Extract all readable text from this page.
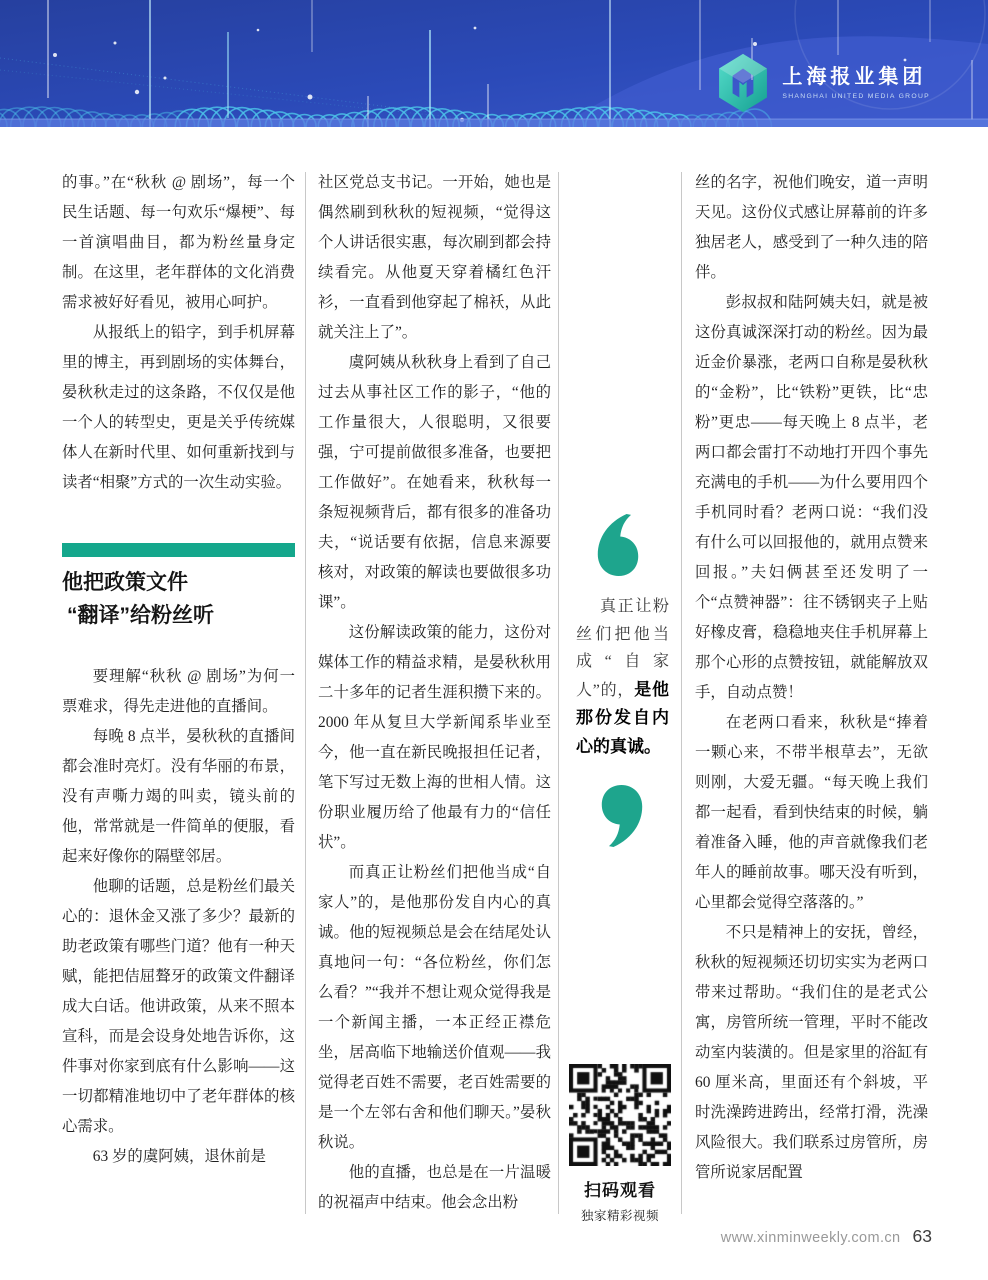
上海报业集团
SHANGHAI UNITED MEDIA GROUP

的事。”在“秋秋 @ 剧场”，每一个民生话题、每一句欢乐“爆梗”、每一首演唱曲目，都为粉丝量身定制。在这里，老年群体的文化消费需求被好好看见，被用心呵护。

从报纸上的铅字，到手机屏幕里的博主，再到剧场的实体舞台，晏秋秋走过的这条路，不仅仅是他一个人的转型史，更是关乎传统媒体人在新时代里、如何重新找到与读者“相聚”方式的一次生动实验。

他把政策文件
“翻译”给粉丝听

要理解“秋秋 @ 剧场”为何一票难求，得先走进他的直播间。

每晚 8 点半，晏秋秋的直播间都会准时亮灯。没有华丽的布景，没有声嘶力竭的叫卖，镜头前的他，常常就是一件简单的便服，看起来好像你的隔壁邻居。

他聊的话题，总是粉丝们最关心的：退休金又涨了多少？最新的助老政策有哪些门道？他有一种天赋，能把佶屈聱牙的政策文件翻译成大白话。他讲政策，从来不照本宣科，而是会设身处地告诉你，这件事对你家到底有什么影响——这一切都精准地切中了老年群体的核心需求。

63 岁的虞阿姨，退休前是

社区党总支书记。一开始，她也是偶然刷到秋秋的短视频，“觉得这个人讲话很实惠，每次刷到都会持续看完。从他夏天穿着橘红色汗衫，一直看到他穿起了棉袄，从此就关注上了”。

虞阿姨从秋秋身上看到了自己过去从事社区工作的影子，“他的工作量很大，人很聪明，又很要强，宁可提前做很多准备，也要把工作做好”。在她看来，秋秋每一条短视频背后，都有很多的准备功夫，“说话要有依据，信息来源要核对，对政策的解读也要做很多功课”。

这份解读政策的能力，这份对媒体工作的精益求精，是晏秋秋用二十多年的记者生涯积攒下来的。2000 年从复旦大学新闻系毕业至今，他一直在新民晚报担任记者，笔下写过无数上海的世相人情。这份职业履历给了他最有力的“信任状”。

而真正让粉丝们把他当成“自家人”的，是他那份发自内心的真诚。他的短视频总是会在结尾处认真地问一句：“各位粉丝，你们怎么看？”“我并不想让观众觉得我是一个新闻主播，一本正经正襟危坐，居高临下地输送价值观——我觉得老百姓不需要，老百姓需要的是一个左邻右舍和他们聊天。”晏秋秋说。

他的直播，也总是在一片温暖的祝福声中结束。他会念出粉

真正让粉丝们把他当成“自家人”的，是他那份发自内心的真诚。

扫码观看
独家精彩视频

丝的名字，祝他们晚安，道一声明天见。这份仪式感让屏幕前的许多独居老人，感受到了一种久违的陪伴。

彭叔叔和陆阿姨夫妇，就是被这份真诚深深打动的粉丝。因为最近金价暴涨，老两口自称是晏秋秋的“金粉”，比“铁粉”更铁，比“忠粉”更忠——每天晚上 8 点半，老两口都会雷打不动地打开四个事先充满电的手机——为什么要用四个手机同时看？老两口说：“我们没有什么可以回报他的，就用点赞来回报。”夫妇俩甚至还发明了一个“点赞神器”：往不锈钢夹子上贴好橡皮膏，稳稳地夹住手机屏幕上那个心形的点赞按钮，就能解放双手，自动点赞！

在老两口看来，秋秋是“捧着一颗心来，不带半根草去”，无欲则刚，大爱无疆。“每天晚上我们都一起看，看到快结束的时候，躺着准备入睡，他的声音就像我们老年人的睡前故事。哪天没有听到，心里都会觉得空落落的。”

不只是精神上的安抚，曾经，秋秋的短视频还切切实实为老两口带来过帮助。“我们住的是老式公寓，房管所统一管理，平时不能改动室内装潢的。但是家里的浴缸有 60 厘米高，里面还有个斜坡，平时洗澡跨进跨出，经常打滑，洗澡风险很大。我们联系过房管所，房管所说家居配置

www.xinminweekly.com.cn 63
